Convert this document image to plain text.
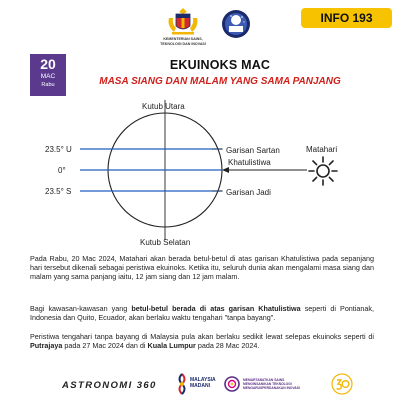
KEMENTERIAN SAINS,
TEKNOLOGI DAN INOVASI
INFO 193
20
MAC
Rabu
EKUINOKS MAC
MASA SIANG DAN MALAM YANG SAMA PANJANG
Kutub Utara
Kutub Selatan
Garisan Sartan
Khatulistiwa
Garisan Jadi
23.5° U
0°
23.5° S
Matahari
Pada Rabu, 20 Mac 2024, Matahari akan berada betul-betul di atas garisan Khatulistiwa pada sepanjang hari tersebut dikenali sebagai peristiwa ekuinoks. Ketika itu, seluruh dunia akan mengalami masa siang dan malam yang sama panjang iaitu, 12 jam siang dan 12 jam malam.
Bagi kawasan-kawasan yang betul-betul berada di atas garisan Khatulistiwa seperti di Pontianak, Indonesia dan Quito, Ecuador, akan berlaku waktu tengahari "tanpa bayang".
Peristiwa tengahari tanpa bayang di Malaysia pula akan berlaku sedikit lewat selepas ekuinoks seperti di Putrajaya pada 27 Mac 2024 dan di Kuala Lumpur pada 28 Mac 2024.
ASTRONOMI 360	MALAYSIA
MADANI
MEMARTABATKAN SAINS
MENGINSANIKAN TEKNOLOGI
MENGARUSPERDANAKAN INOVASI
